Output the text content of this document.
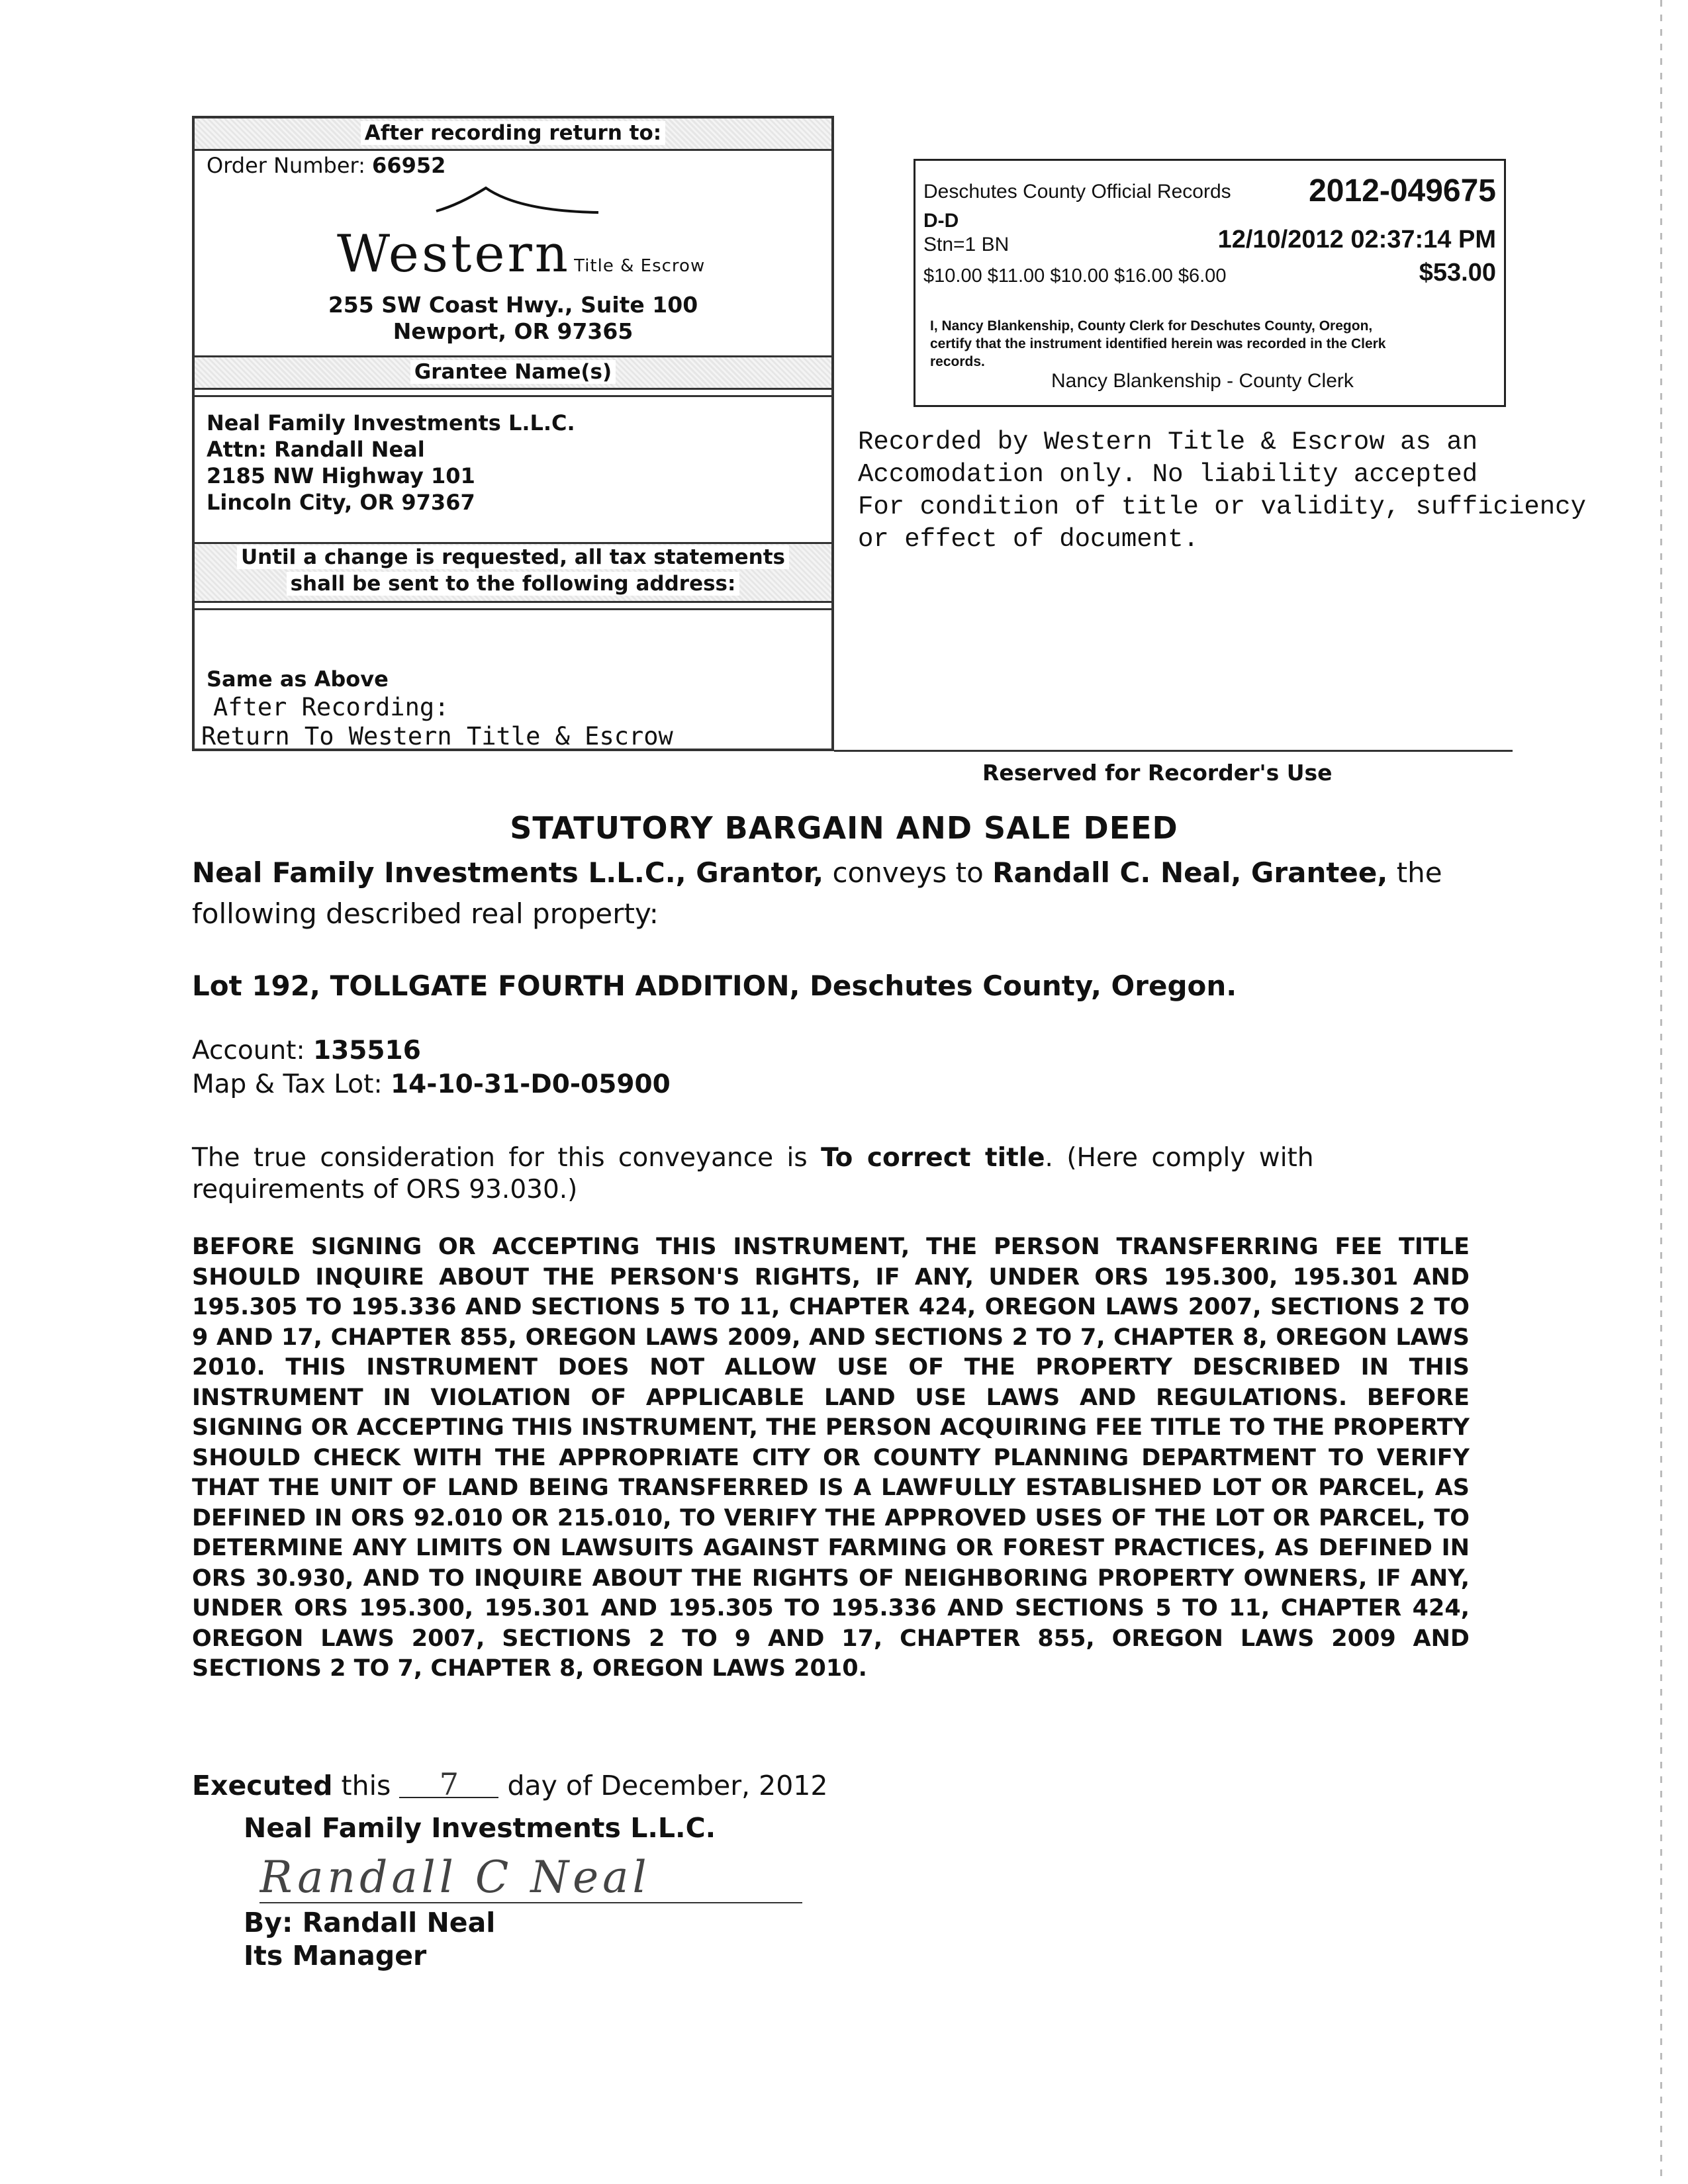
After recording return to:
Order Number: 66952
Western Title & Escrow
255 SW Coast Hwy., Suite 100
Newport, OR 97365
Grantee Name(s)
Neal Family Investments L.L.C.
Attn: Randall Neal
2185 NW Highway 101
Lincoln City, OR 97367
Until a change is requested, all tax statements
shall be sent to the following address:
Same as Above
After Recording:
Return To Western Title & Escrow
Deschutes County Official Records 2012-049675
D-D
Stn=1 BN	12/10/2012 02:37:14 PM
$10.00 $11.00 $10.00 $16.00 $6.00	$53.00
I, Nancy Blankenship, County Clerk for Deschutes County, Oregon,
certify that the instrument identified herein was recorded in the Clerk
records.
Nancy Blankenship - County Clerk
Recorded by Western Title & Escrow as an
Accomodation only. No liability accepted
For condition of title or validity, sufficiency
or effect of document.
Reserved for Recorder's Use
STATUTORY BARGAIN AND SALE DEED
Neal Family Investments L.L.C., Grantor, conveys to Randall C. Neal, Grantee, the
following described real property:
Lot 192, TOLLGATE FOURTH ADDITION, Deschutes County, Oregon.
Account: 135516
Map & Tax Lot: 14-10-31-D0-05900
The true consideration for this conveyance is To correct title. (Here comply with
requirements of ORS 93.030.)
BEFORE SIGNING OR ACCEPTING THIS INSTRUMENT, THE PERSON TRANSFERRING FEE TITLE SHOULD INQUIRE ABOUT THE PERSON'S RIGHTS, IF ANY, UNDER ORS 195.300, 195.301 AND 195.305 TO 195.336 AND SECTIONS 5 TO 11, CHAPTER 424, OREGON LAWS 2007, SECTIONS 2 TO 9 AND 17, CHAPTER 855, OREGON LAWS 2009, AND SECTIONS 2 TO 7, CHAPTER 8, OREGON LAWS 2010. THIS INSTRUMENT DOES NOT ALLOW USE OF THE PROPERTY DESCRIBED IN THIS INSTRUMENT IN VIOLATION OF APPLICABLE LAND USE LAWS AND REGULATIONS. BEFORE SIGNING OR ACCEPTING THIS INSTRUMENT, THE PERSON ACQUIRING FEE TITLE TO THE PROPERTY SHOULD CHECK WITH THE APPROPRIATE CITY OR COUNTY PLANNING DEPARTMENT TO VERIFY THAT THE UNIT OF LAND BEING TRANSFERRED IS A LAWFULLY ESTABLISHED LOT OR PARCEL, AS DEFINED IN ORS 92.010 OR 215.010, TO VERIFY THE APPROVED USES OF THE LOT OR PARCEL, TO DETERMINE ANY LIMITS ON LAWSUITS AGAINST FARMING OR FOREST PRACTICES, AS DEFINED IN ORS 30.930, AND TO INQUIRE ABOUT THE RIGHTS OF NEIGHBORING PROPERTY OWNERS, IF ANY, UNDER ORS 195.300, 195.301 AND 195.305 TO 195.336 AND SECTIONS 5 TO 11, CHAPTER 424, OREGON LAWS 2007, SECTIONS 2 TO 9 AND 17, CHAPTER 855, OREGON LAWS 2009 AND SECTIONS 2 TO 7, CHAPTER 8, OREGON LAWS 2010.
Executed this 7 day of December, 2012
Neal Family Investments L.L.C.
Randall C Neal
By: Randall Neal
Its Manager
